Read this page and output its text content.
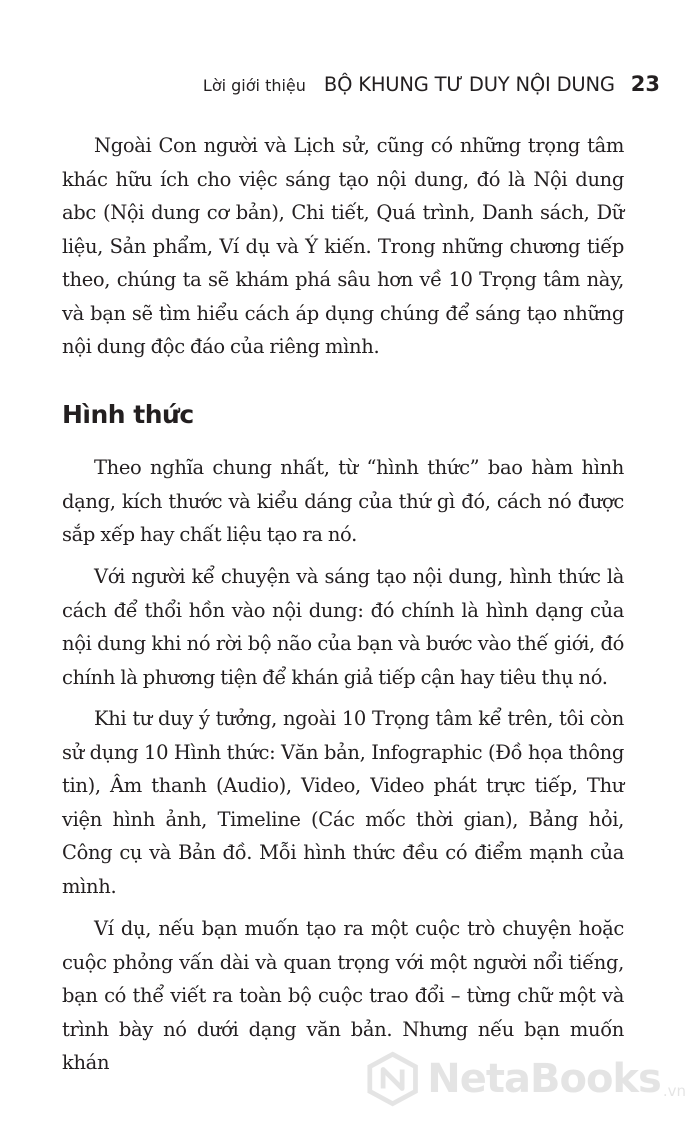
Lời giới thiệu BỘ KHUNG TƯ DUY NỘI DUNG 23

Ngoài Con người và Lịch sử, cũng có những trọng tâm khác hữu ích cho việc sáng tạo nội dung, đó là Nội dung abc (Nội dung cơ bản), Chi tiết, Quá trình, Danh sách, Dữ liệu, Sản phẩm, Ví dụ và Ý kiến. Trong những chương tiếp theo, chúng ta sẽ khám phá sâu hơn về 10 Trọng tâm này, và bạn sẽ tìm hiểu cách áp dụng chúng để sáng tạo những nội dung độc đáo của riêng mình.

Hình thức

Theo nghĩa chung nhất, từ “hình thức” bao hàm hình dạng, kích thước và kiểu dáng của thứ gì đó, cách nó được sắp xếp hay chất liệu tạo ra nó.

Với người kể chuyện và sáng tạo nội dung, hình thức là cách để thổi hồn vào nội dung: đó chính là hình dạng của nội dung khi nó rời bộ não của bạn và bước vào thế giới, đó chính là phương tiện để khán giả tiếp cận hay tiêu thụ nó.

Khi tư duy ý tưởng, ngoài 10 Trọng tâm kể trên, tôi còn sử dụng 10 Hình thức: Văn bản, Infographic (Đồ họa thông tin), Âm thanh (Audio), Video, Video phát trực tiếp, Thư viện hình ảnh, Timeline (Các mốc thời gian), Bảng hỏi, Công cụ và Bản đồ. Mỗi hình thức đều có điểm mạnh của mình.

Ví dụ, nếu bạn muốn tạo ra một cuộc trò chuyện hoặc cuộc phỏng vấn dài và quan trọng với một người nổi tiếng, bạn có thể viết ra toàn bộ cuộc trao đổi – từng chữ một và trình bày nó dưới dạng văn bản. Nhưng nếu bạn muốn khán	NetaBooks .vn
